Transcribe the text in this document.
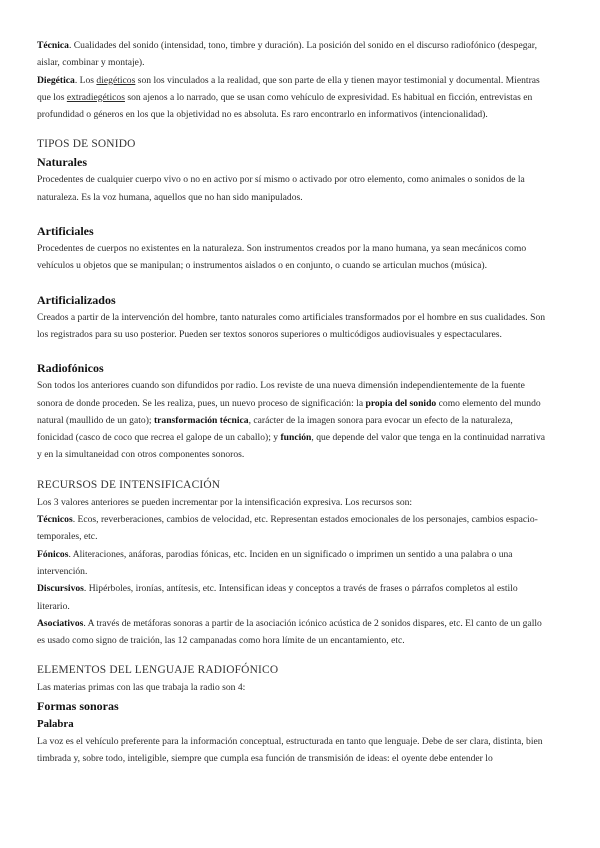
Técnica. Cualidades del sonido (intensidad, tono, timbre y duración). La posición del sonido en el discurso radiofónico (despegar, aislar, combinar y montaje).

Diegética. Los diegéticos son los vinculados a la realidad, que son parte de ella y tienen mayor testimonial y documental. Mientras que los extradiegéticos son ajenos a lo narrado, que se usan como vehículo de expresividad. Es habitual en ficción, entrevistas en profundidad o géneros en los que la objetividad no es absoluta. Es raro encontrarlo en informativos (intencionalidad).

TIPOS DE SONIDO
Naturales

Procedentes de cualquier cuerpo vivo o no en activo por sí mismo o activado por otro elemento, como animales o sonidos de la naturaleza. Es la voz humana, aquellos que no han sido manipulados.

Artificiales

Procedentes de cuerpos no existentes en la naturaleza. Son instrumentos creados por la mano humana, ya sean mecánicos como vehículos u objetos que se manipulan; o instrumentos aislados o en conjunto, o cuando se articulan muchos (música).

Artificializados

Creados a partir de la intervención del hombre, tanto naturales como artificiales transformados por el hombre en sus cualidades. Son los registrados para su uso posterior. Pueden ser textos sonoros superiores o multicódigos audiovisuales y espectaculares.

Radiofónicos

Son todos los anteriores cuando son difundidos por radio. Los reviste de una nueva dimensión independientemente de la fuente sonora de donde proceden. Se les realiza, pues, un nuevo proceso de significación: la propia del sonido como elemento del mundo natural (maullido de un gato); transformación técnica, carácter de la imagen sonora para evocar un efecto de la naturaleza, fonicidad (casco de coco que recrea el galope de un caballo); y función, que depende del valor que tenga en la continuidad narrativa y en la simultaneidad con otros componentes sonoros.

RECURSOS DE INTENSIFICACIÓN

Los 3 valores anteriores se pueden incrementar por la intensificación expresiva. Los recursos son:

Técnicos. Ecos, reverberaciones, cambios de velocidad, etc. Representan estados emocionales de los personajes, cambios espacio-temporales, etc.

Fónicos. Aliteraciones, anáforas, parodias fónicas, etc. Inciden en un significado o imprimen un sentido a una palabra o una intervención.

Discursivos. Hipérboles, ironías, antítesis, etc. Intensifican ideas y conceptos a través de frases o párrafos completos al estilo literario.

Asociativos. A través de metáforas sonoras a partir de la asociación icónico acústica de 2 sonidos dispares, etc. El canto de un gallo es usado como signo de traición, las 12 campanadas como hora límite de un encantamiento, etc.

ELEMENTOS DEL LENGUAJE RADIOFÓNICO

Las materias primas con las que trabaja la radio son 4:

Formas sonoras
Palabra

La voz es el vehículo preferente para la información conceptual, estructurada en tanto que lenguaje. Debe de ser clara, distinta, bien timbrada y, sobre todo, inteligible, siempre que cumpla esa función de transmisión de ideas: el oyente debe entender lo
